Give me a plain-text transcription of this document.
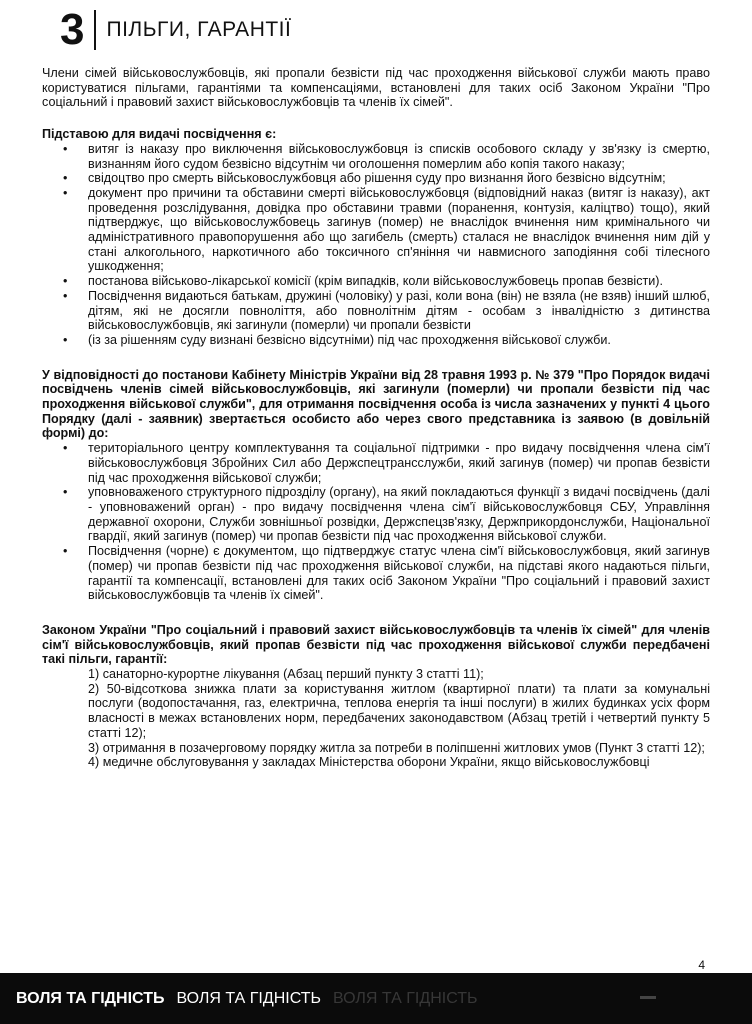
3 ПІЛЬГИ, ГАРАНТІЇ

Члени сімей військовослужбовців, які пропали безвісти під час проходження військової служби мають право користуватися пільгами, гарантіями та компенсаціями, встановлені для таких осіб Законом України "Про соціальний і правовий захист військовослужбовців та членів їх сімей".

Підставою для видачі посвідчення є:

• витяг із наказу про виключення військовослужбовця із списків особового складу у зв'язку із смертю, визнанням його судом безвісно відсутнім чи оголошення померлим або копія такого наказу;
• свідоцтво про смерть військовослужбовця або рішення суду про визнання його безвісно відсутнім;
• документ про причини та обставини смерті військовослужбовця (відповідний наказ (витяг із наказу), акт проведення розслідування, довідка про обставини травми (поранення, контузія, каліцтво) тощо), який підтверджує, що військовослужбовець загинув (помер) не внаслідок вчинення ним кримінального чи адміністративного правопорушення або що загибель (смерть) сталася не внаслідок вчинення ним дій у стані алкогольного, наркотичного або токсичного сп'яніння чи навмисного заподіяння собі тілесного ушкодження;
• постанова військово-лікарської комісії (крім випадків, коли військовослужбовець пропав безвісти).
• Посвідчення видаються батькам, дружині (чоловіку) у разі, коли вона (він) не взяла (не взяв) інший шлюб, дітям, які не досягли повноліття, або повнолітнім дітям - особам з інвалідністю з дитинства військовослужбовців, які загинули (померли) чи пропали безвісти
• (із за рішенням суду визнані безвісно відсутніми) під час проходження військової служби.

У відповідності до постанови Кабінету Міністрів України від 28 травня 1993 р. № 379 "Про Порядок видачі посвідчень членів сімей військовослужбовців, які загинули (померли) чи пропали безвісти під час проходження військової служби", для отримання посвідчення особа із числа зазначених у пункті 4 цього Порядку (далі - заявник) звертається особисто або через свого представника із заявою (в довільній формі) до:

• територіального центру комплектування та соціальної підтримки - про видачу посвідчення члена сім'ї військовослужбовця Збройних Сил або Держспецтрансслужби, який загинув (помер) чи пропав безвісти під час проходження військової служби;
• уповноваженого структурного підрозділу (органу), на який покладаються функції з видачі посвідчень (далі - уповноважений орган) - про видачу посвідчення члена сім'ї військовослужбовця СБУ, Управління державної охорони, Служби зовнішньої розвідки, Держспецзв'язку, Держприкордонслужби, Національної гвардії, який загинув (помер) чи пропав безвісти під час проходження військової служби.
• Посвідчення (чорне) є документом, що підтверджує статус члена сім'ї військовослужбовця, який загинув (помер) чи пропав безвісти під час проходження військової служби, на підставі якого надаються пільги, гарантії та компенсації, встановлені для таких осіб Законом України "Про соціальний і правовий захист військовослужбовців та членів їх сімей".

Законом України "Про соціальний і правовий захист військовослужбовців та членів їх сімей" для членів сім'ї військовослужбовців, який пропав безвісти під час проходження військової служби передбачені такі пільги, гарантії:

1) санаторно-курортне лікування (Абзац перший пункту 3 статті 11);
2) 50-відсоткова знижка плати за користування житлом (квартирної плати) та плати за комунальні послуги (водопостачання, газ, електрична, теплова енергія та інші послуги) в жилих будинках усіх форм власності в межах встановлених норм, передбачених законодавством (Абзац третій і четвертий пункту 5 статті 12);
3) отримання в позачерговому порядку житла за потреби в поліпшенні житлових умов (Пункт 3 статті 12);
4) медичне обслуговування у закладах Міністерства оборони України, якщо військовослужбовці
4
ВОЛЯ ТА ГІДНІСТЬ ВОЛЯ ТА ГІДНІСТЬ ВОЛЯ ТА ГІДНІСТЬ
